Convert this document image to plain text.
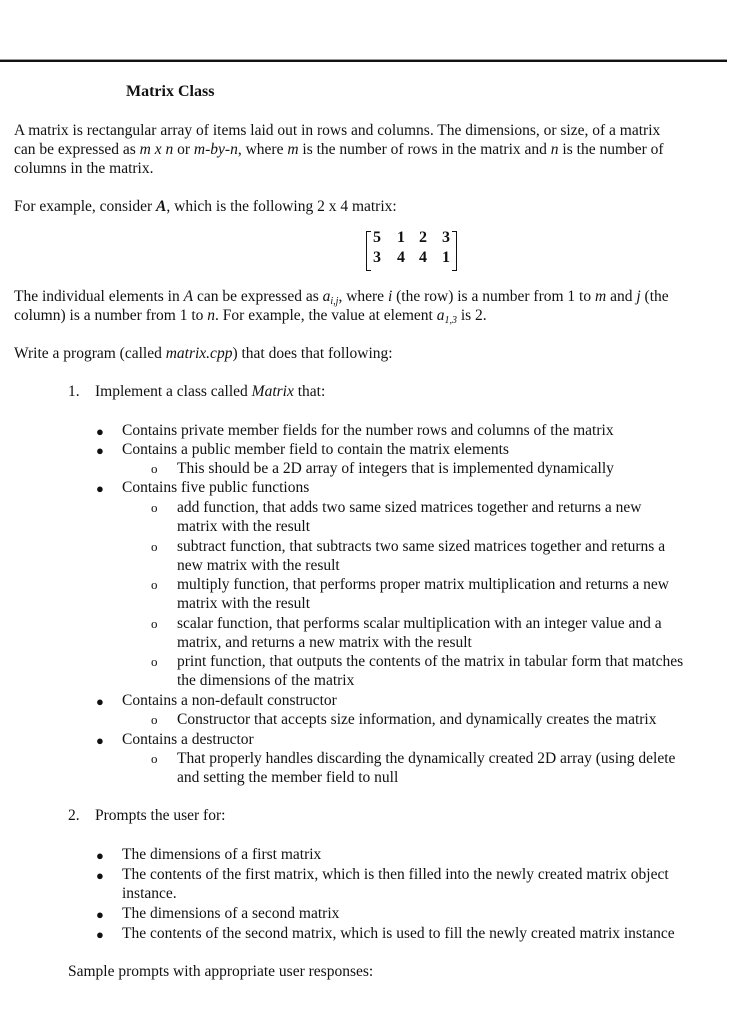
Matrix Class
A matrix is rectangular array of items laid out in rows and columns. The dimensions, or size, of a matrix
can be expressed as m x n or m-by-n, where m is the number of rows in the matrix and n is the number of
columns in the matrix.
For example, consider A, which is the following 2 x 4 matrix:
5 1 2 3
3 4 4 1
The individual elements in A can be expressed as $a_{i,j}$, where i (the row) is a number from 1 to m and j (the
column) is a number from 1 to n. For example, the value at element $a_{1,3}$ is 2.
Write a program (called matrix.cpp) that does that following:
1. Implement a class called Matrix that:
● Contains private member fields for the number rows and columns of the matrix
● Contains a public member field to contain the matrix elements
o This should be a 2D array of integers that is implemented dynamically
● Contains five public functions
o add function, that adds two same sized matrices together and returns a new
matrix with the result
o subtract function, that subtracts two same sized matrices together and returns a
new matrix with the result
o multiply function, that performs proper matrix multiplication and returns a new
matrix with the result
o scalar function, that performs scalar multiplication with an integer value and a
matrix, and returns a new matrix with the result
o print function, that outputs the contents of the matrix in tabular form that matches
the dimensions of the matrix
● Contains a non-default constructor
o Constructor that accepts size information, and dynamically creates the matrix
● Contains a destructor
o That properly handles discarding the dynamically created 2D array (using delete
and setting the member field to null
2. Prompts the user for:
● The dimensions of a first matrix
● The contents of the first matrix, which is then filled into the newly created matrix object
instance.
● The dimensions of a second matrix
● The contents of the second matrix, which is used to fill the newly created matrix instance
Sample prompts with appropriate user responses:
